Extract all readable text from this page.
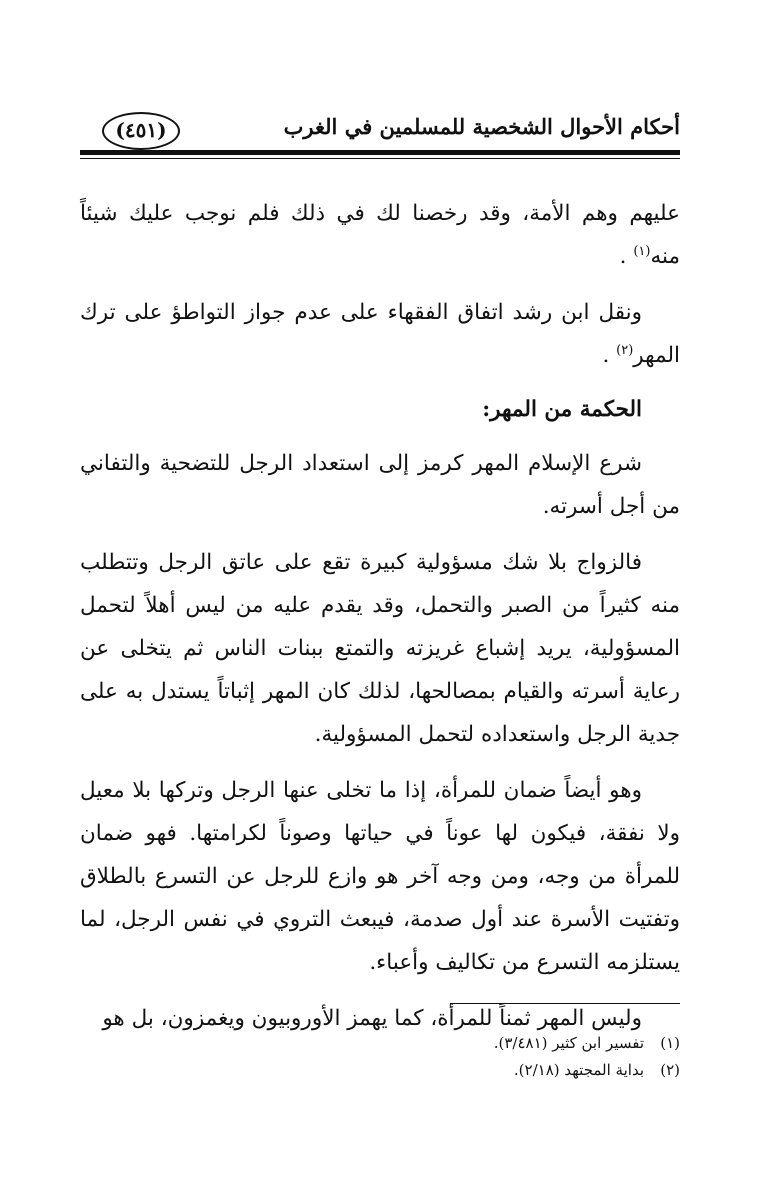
أحكام الأحوال الشخصية للمسلمين في الغرب
(٤٥١)

عليهم وهم الأمة، وقد رخصنا لك في ذلك فلم نوجب عليك شيئاً منه$^{(١)}$ .

ونقل ابن رشد اتفاق الفقهاء على عدم جواز التواطؤ على ترك المهر$^{(٢)}$ .

الحكمة من المهر:

شرع الإسلام المهر كرمز إلى استعداد الرجل للتضحية والتفاني من أجل أسرته.

فالزواج بلا شك مسؤولية كبيرة تقع على عاتق الرجل وتتطلب منه كثيراً من الصبر والتحمل، وقد يقدم عليه من ليس أهلاً لتحمل المسؤولية، يريد إشباع غريزته والتمتع ببنات الناس ثم يتخلى عن رعاية أسرته والقيام بمصالحها، لذلك كان المهر إثباتاً يستدل به على جدية الرجل واستعداده لتحمل المسؤولية.

وهو أيضاً ضمان للمرأة، إذا ما تخلى عنها الرجل وتركها بلا معيل ولا نفقة، فيكون لها عوناً في حياتها وصوناً لكرامتها. فهو ضمان للمرأة من وجه، ومن وجه آخر هو وازع للرجل عن التسرع بالطلاق وتفتيت الأسرة عند أول صدمة، فيبعث التروي في نفس الرجل، لما يستلزمه التسرع من تكاليف وأعباء.

وليس المهر ثمناً للمرأة، كما يهمز الأوروبيون ويغمزون، بل هو

(١)تفسير ابن كثير (٣/٤٨١).
(٢)بداية المجتهد (٢/١٨).
